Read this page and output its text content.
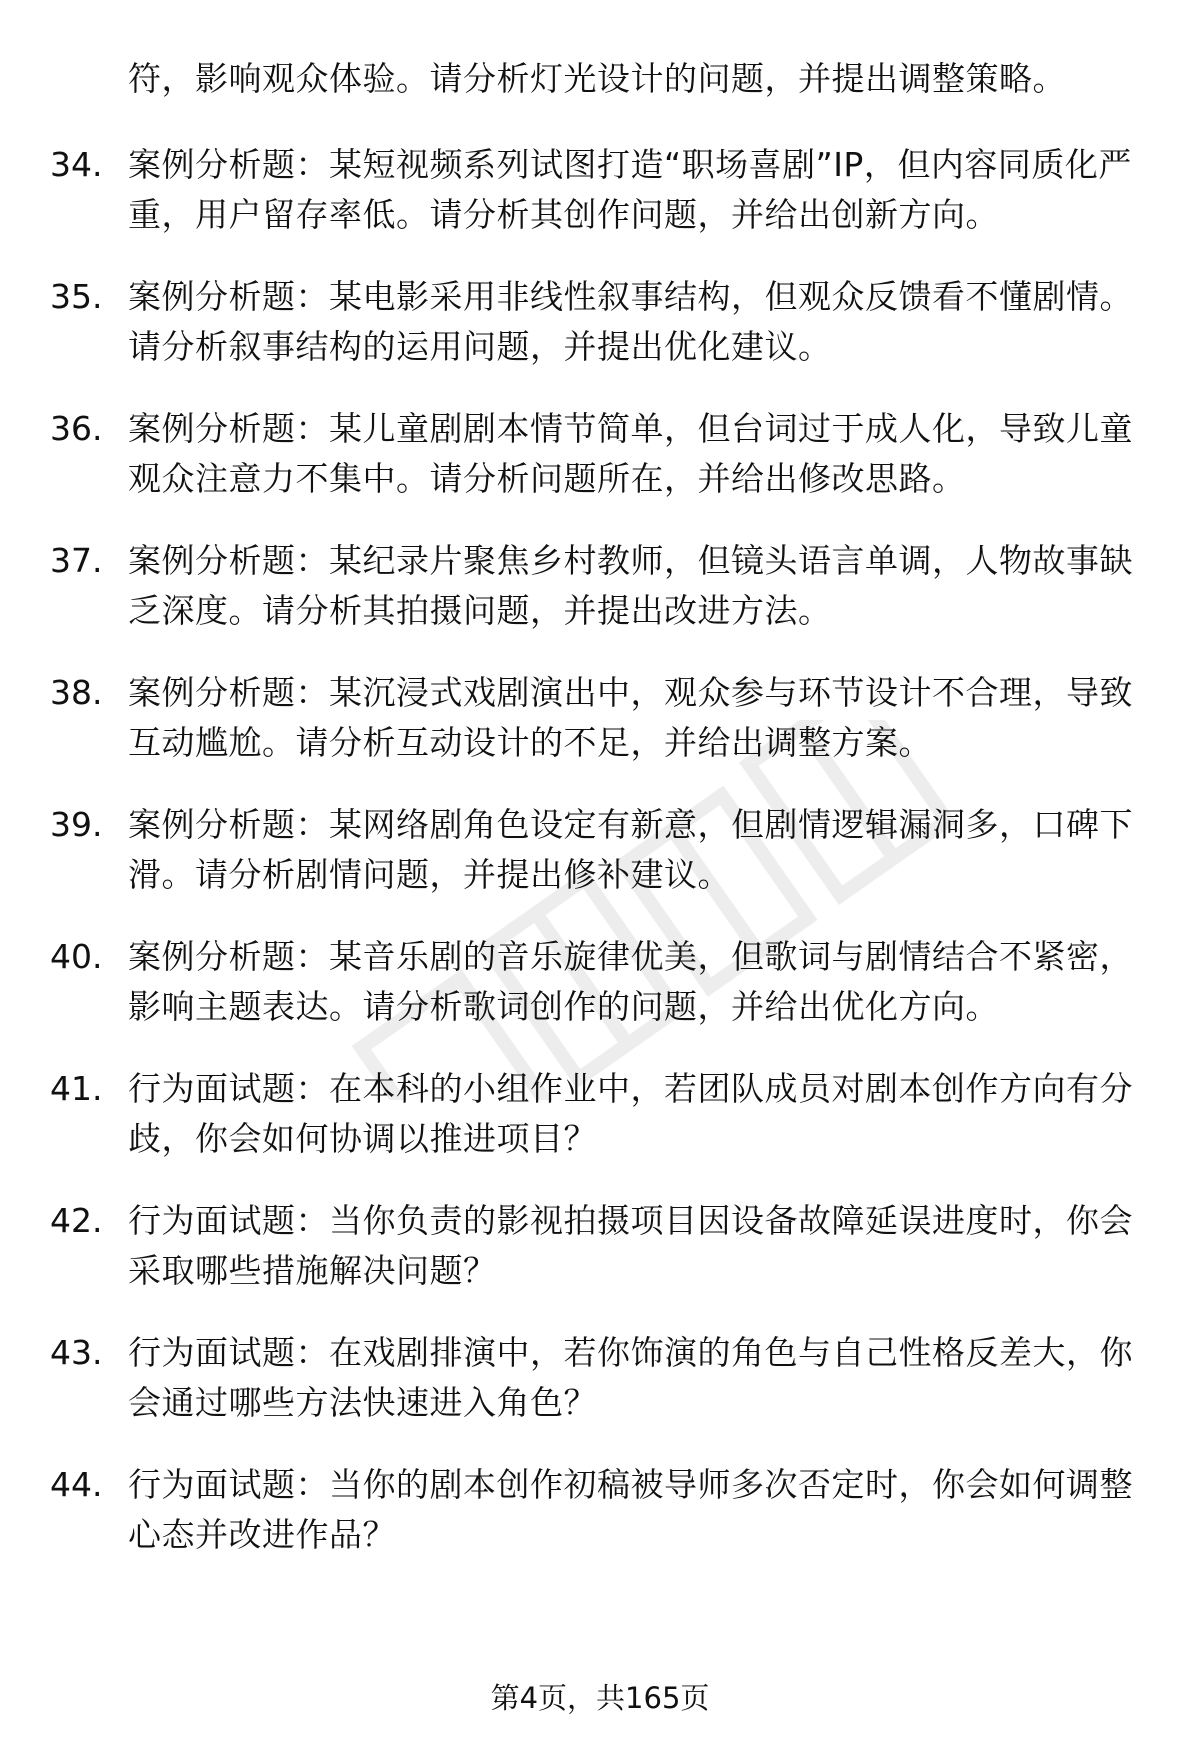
符，影响观众体验。请分析灯光设计的问题，并提出调整策略。
34. 案例分析题：某短视频系列试图打造“职场喜剧”IP，但内容同质化严重，用户留存率低。请分析其创作问题，并给出创新方向。
35. 案例分析题：某电影采用非线性叙事结构，但观众反馈看不懂剧情。请分析叙事结构的运用问题，并提出优化建议。
36. 案例分析题：某儿童剧剧本情节简单，但台词过于成人化，导致儿童观众注意力不集中。请分析问题所在，并给出修改思路。
37. 案例分析题：某纪录片聚焦乡村教师，但镜头语言单调，人物故事缺乏深度。请分析其拍摄问题，并提出改进方法。
38. 案例分析题：某沉浸式戏剧演出中，观众参与环节设计不合理，导致互动尴尬。请分析互动设计的不足，并给出调整方案。
39. 案例分析题：某网络剧角色设定有新意，但剧情逻辑漏洞多，口碑下滑。请分析剧情问题，并提出修补建议。
40. 案例分析题：某音乐剧的音乐旋律优美，但歌词与剧情结合不紧密，影响主题表达。请分析歌词创作的问题，并给出优化方向。
41. 行为面试题：在本科的小组作业中，若团队成员对剧本创作方向有分歧，你会如何协调以推进项目？
42. 行为面试题：当你负责的影视拍摄项目因设备故障延误进度时，你会采取哪些措施解决问题？
43. 行为面试题：在戏剧排演中，若你饰演的角色与自己性格反差大，你会通过哪些方法快速进入角色？
44. 行为面试题：当你的剧本创作初稿被导师多次否定时，你会如何调整心态并改进作品？
第4页，共165页
